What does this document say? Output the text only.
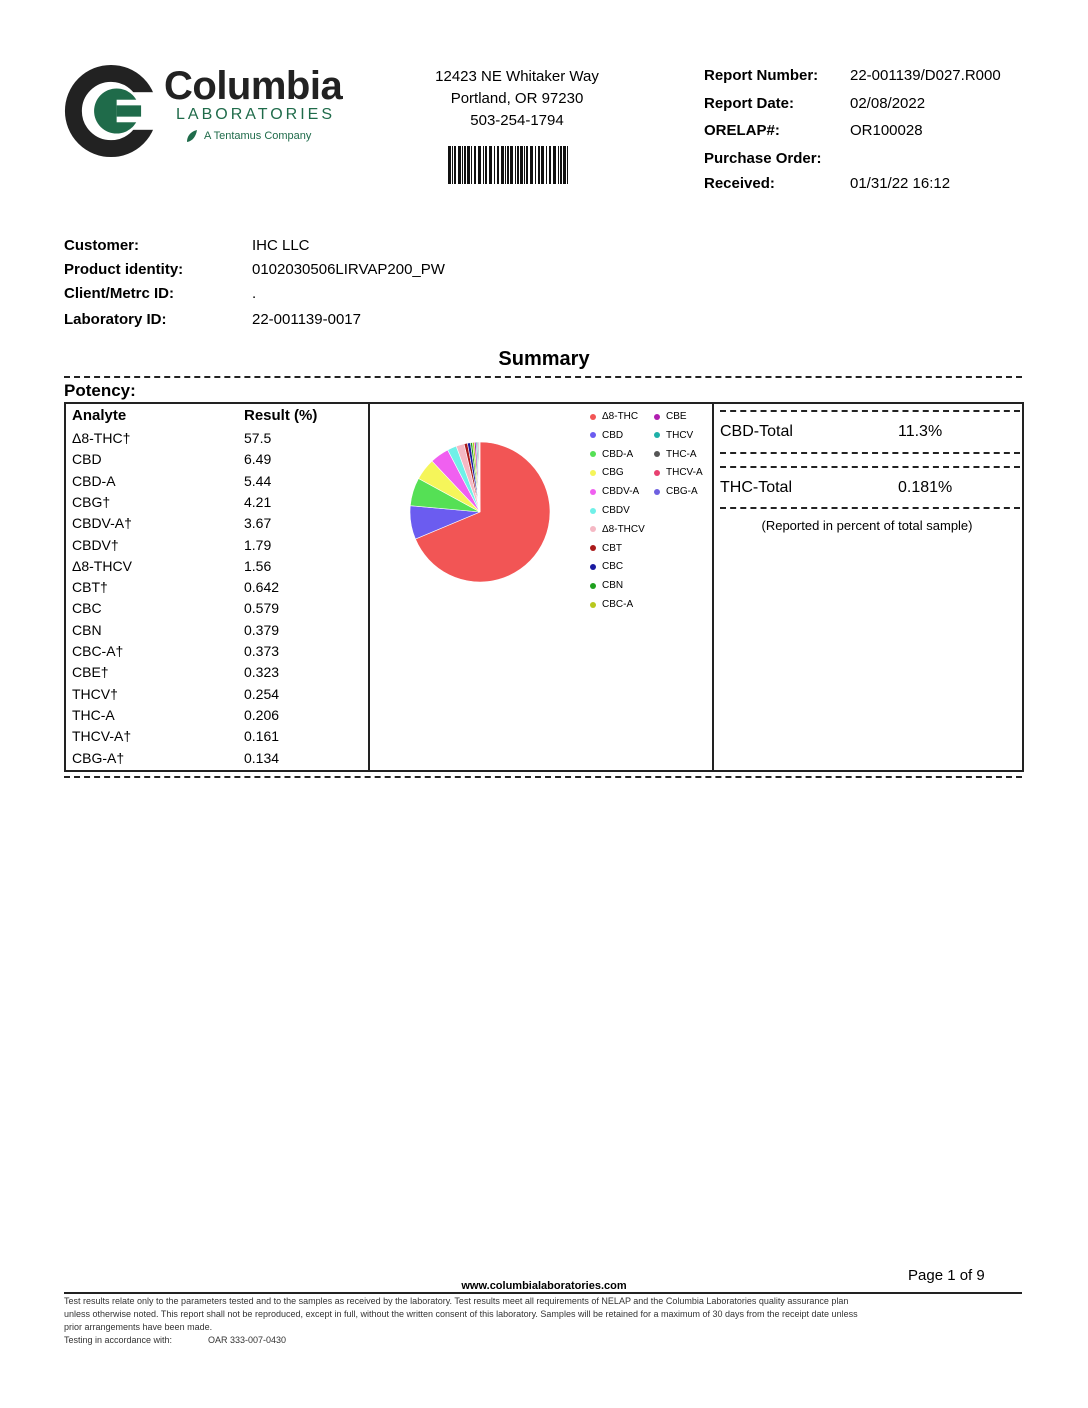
Columbia
LABORATORIES
A Tentamus Company
12423 NE Whitaker Way
Portland, OR 97230
503-254-1794
Report Number: 22-001139/D027.R000
Report Date:	02/08/2022
ORELAP#:	OR100028
Purchase Order:
Received:	01/31/22 16:12
Customer:	IHC LLC
Product identity:	0102030506LIRVAP200_PW
Client/Metrc ID:	.
Laboratory ID:	22-001139-0017
Summary
Potency:
Analyte	Result (%)
Δ8-THC†	57.5
CBD	6.49
CBD-A	5.44
CBG†	4.21
CBDV-A†	3.67
CBDV†	1.79
Δ8-THCV	1.56
CBT†	0.642
CBC	0.579
CBN	0.379
CBC-A†	0.373
CBE†	0.323
THCV†	0.254
THC-A	0.206
THCV-A†	0.161
CBG-A†	0.134
Δ8-THC	CBE
CBD	THCV
CBD-A	THC-A
CBG	THCV-A
CBDV-A	CBG-A
CBDV
Δ8-THCV
CBT
CBC
CBN
CBC-A
CBD-Total	11.3%
THC-Total	0.181%
(Reported in percent of total sample)
Page 1 of 9
www.columbialaboratories.com
Test results relate only to the parameters tested and to the samples as received by the laboratory. Test results meet all requirements of NELAP and the Columbia Laboratories quality assurance plan
unless otherwise noted. This report shall not be reproduced, except in full, without the written consent of this laboratory. Samples will be retained for a maximum of 30 days from the receipt date unless
prior arrangements have been made.
Testing in accordance with:	OAR 333-007-0430
